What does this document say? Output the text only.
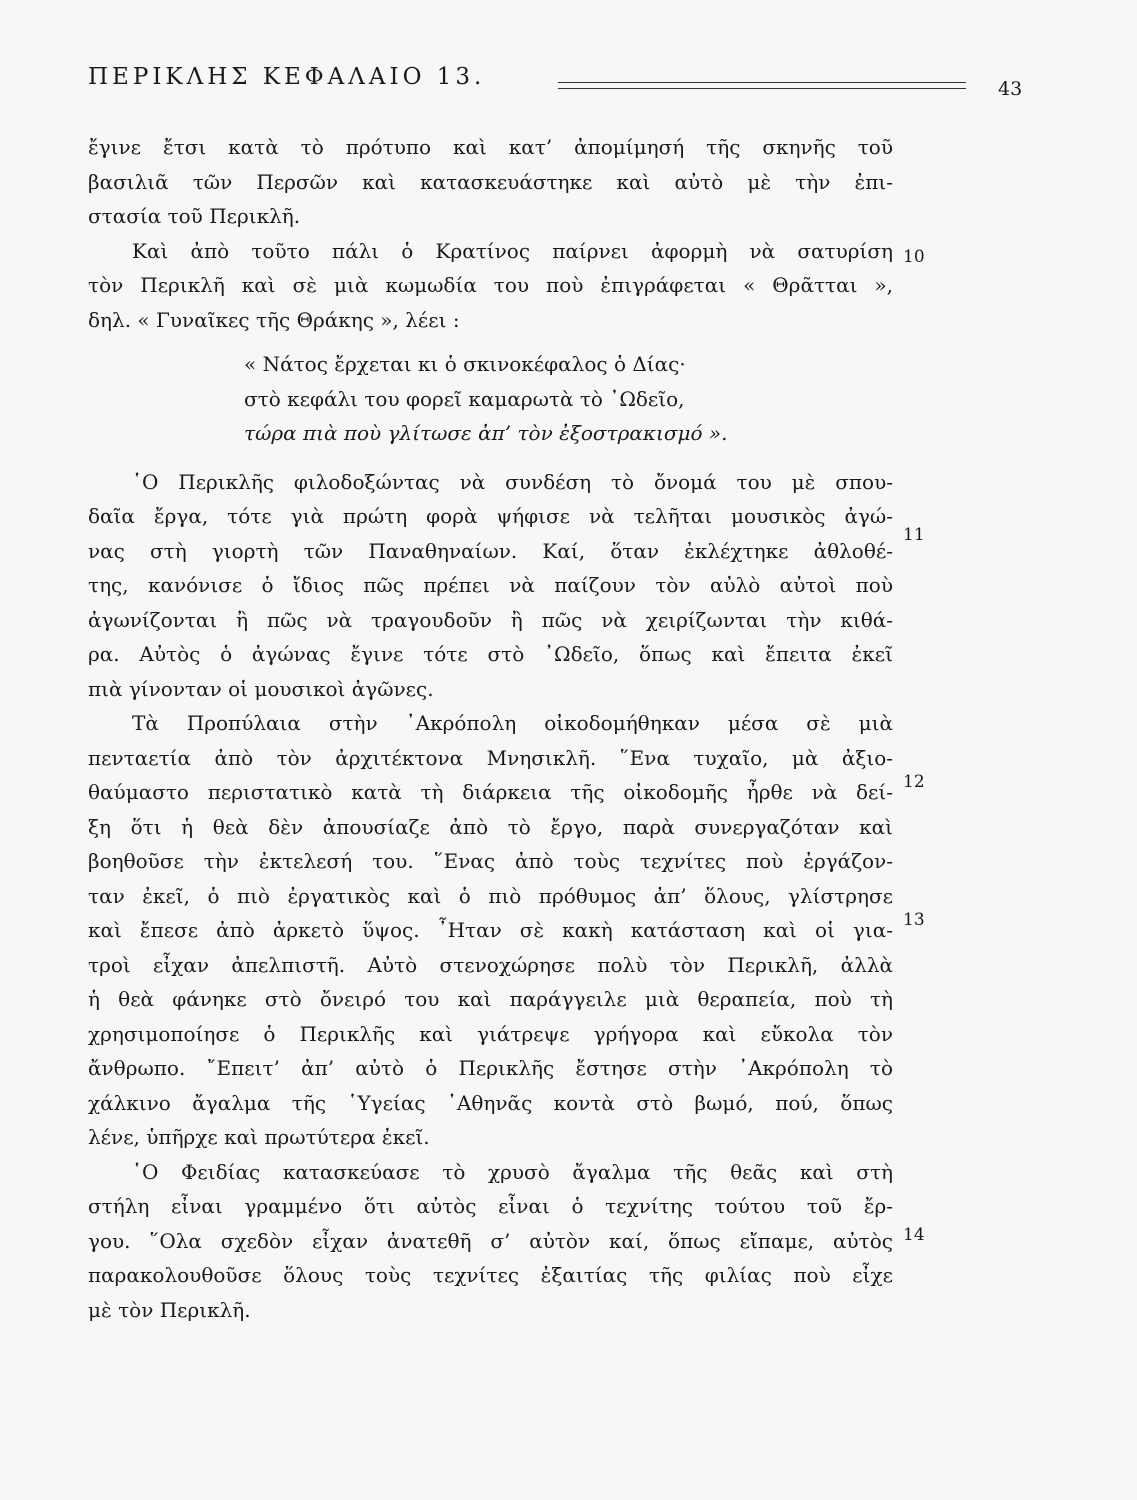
ΠΕΡΙΚΛΗΣ ΚΕΦΑΛΑΙΟ 13.	43
ἔγινε ἔτσι κατὰ τὸ πρότυπο καὶ κατ’ ἀπομίμησή τῆς σκηνῆς τοῦ
βασιλιᾶ τῶν Περσῶν καὶ κατασκευάστηκε καὶ αὐτὸ μὲ τὴν ἐπι-
στασία τοῦ Περικλῆ.
Καὶ ἀπὸ τοῦτο πάλι ὁ Κρατίνος παίρνει ἀφορμὴ νὰ σατυρίση
τὸν Περικλῆ καὶ σὲ μιὰ κωμωδία του ποὺ ἐπιγράφεται « Θρᾶτται »,
δηλ. « Γυναῖκες τῆς Θράκης », λέει :
« Νάτος ἔρχεται κι ὁ σκινοκέφαλος ὁ Δίας·
στὸ κεφάλι του φορεῖ καμαρωτὰ τὸ ᾿Ωδεῖο,
τώρα πιὰ ποὺ γλίτωσε ἀπ’ τὸν ἐξοστρακισμό ».
῾Ο Περικλῆς φιλοδοξώντας νὰ συνδέση τὸ ὄνομά του μὲ σπου-
δαῖα ἔργα, τότε γιὰ πρώτη φορὰ ψήφισε νὰ τελῆται μουσικὸς ἀγώ-
νας στὴ γιορτὴ τῶν Παναθηναίων. Καί, ὅταν ἐκλέχτηκε ἀθλοθέ-
της, κανόνισε ὁ ἴδιος πῶς πρέπει νὰ παίζουν τὸν αὐλὸ αὐτοὶ ποὺ
ἀγωνίζονται ἢ πῶς νὰ τραγουδοῦν ἢ πῶς νὰ χειρίζωνται τὴν κιθά-
ρα. Αὐτὸς ὁ ἀγώνας ἔγινε τότε στὸ ᾿Ωδεῖο, ὅπως καὶ ἔπειτα ἐκεῖ
πιὰ γίνονταν οἱ μουσικοὶ ἀγῶνες.
Τὰ Προπύλαια στὴν ᾿Ακρόπολη οἰκοδομήθηκαν μέσα σὲ μιὰ
πενταετία ἀπὸ τὸν ἀρχιτέκτονα Μνησικλῆ. ῞Ενα τυχαῖο, μὰ ἀξιο-
θαύμαστο περιστατικὸ κατὰ τὴ διάρκεια τῆς οἰκοδομῆς ἦρθε νὰ δεί-
ξη ὅτι ἡ θεὰ δὲν ἀπουσίαζε ἀπὸ τὸ ἔργο, παρὰ συνεργαζόταν καὶ
βοηθοῦσε τὴν ἐκτελεσή του. ῞Ενας ἀπὸ τοὺς τεχνίτες ποὺ ἐργάζον-
ταν ἐκεῖ, ὁ πιὸ ἐργατικὸς καὶ ὁ πιὸ πρόθυμος ἀπ’ ὅλους, γλίστρησε
καὶ ἔπεσε ἀπὸ ἀρκετὸ ὕψος. ῏Ηταν σὲ κακὴ κατάσταση καὶ οἱ για-
τροὶ εἶχαν ἀπελπιστῆ. Αὐτὸ στενοχώρησε πολὺ τὸν Περικλῆ, ἀλλὰ
ἡ θεὰ φάνηκε στὸ ὄνειρό του καὶ παράγγειλε μιὰ θεραπεία, ποὺ τὴ
χρησιμοποίησε ὁ Περικλῆς καὶ γιάτρεψε γρήγορα καὶ εὔκολα τὸν
ἄνθρωπο. ῎Επειτ’ ἀπ’ αὐτὸ ὁ Περικλῆς ἔστησε στὴν ᾿Ακρόπολη τὸ
χάλκινο ἄγαλμα τῆς ῾Υγείας ᾿Αθηνᾶς κοντὰ στὸ βωμό, πού, ὅπως
λένε, ὑπῆρχε καὶ πρωτύτερα ἐκεῖ.
῾Ο Φειδίας κατασκεύασε τὸ χρυσὸ ἄγαλμα τῆς θεᾶς καὶ στὴ
στήλη εἶναι γραμμένο ὅτι αὐτὸς εἶναι ὁ τεχνίτης τούτου τοῦ ἔρ-
γου. ῞Ολα σχεδὸν εἶχαν ἀνατεθῆ σ’ αὐτὸν καί, ὅπως εἴπαμε, αὐτὸς
παρακολουθοῦσε ὅλους τοὺς τεχνίτες ἐξαιτίας τῆς φιλίας ποὺ εἶχε
μὲ τὸν Περικλῆ.
10
11
12
13
14
